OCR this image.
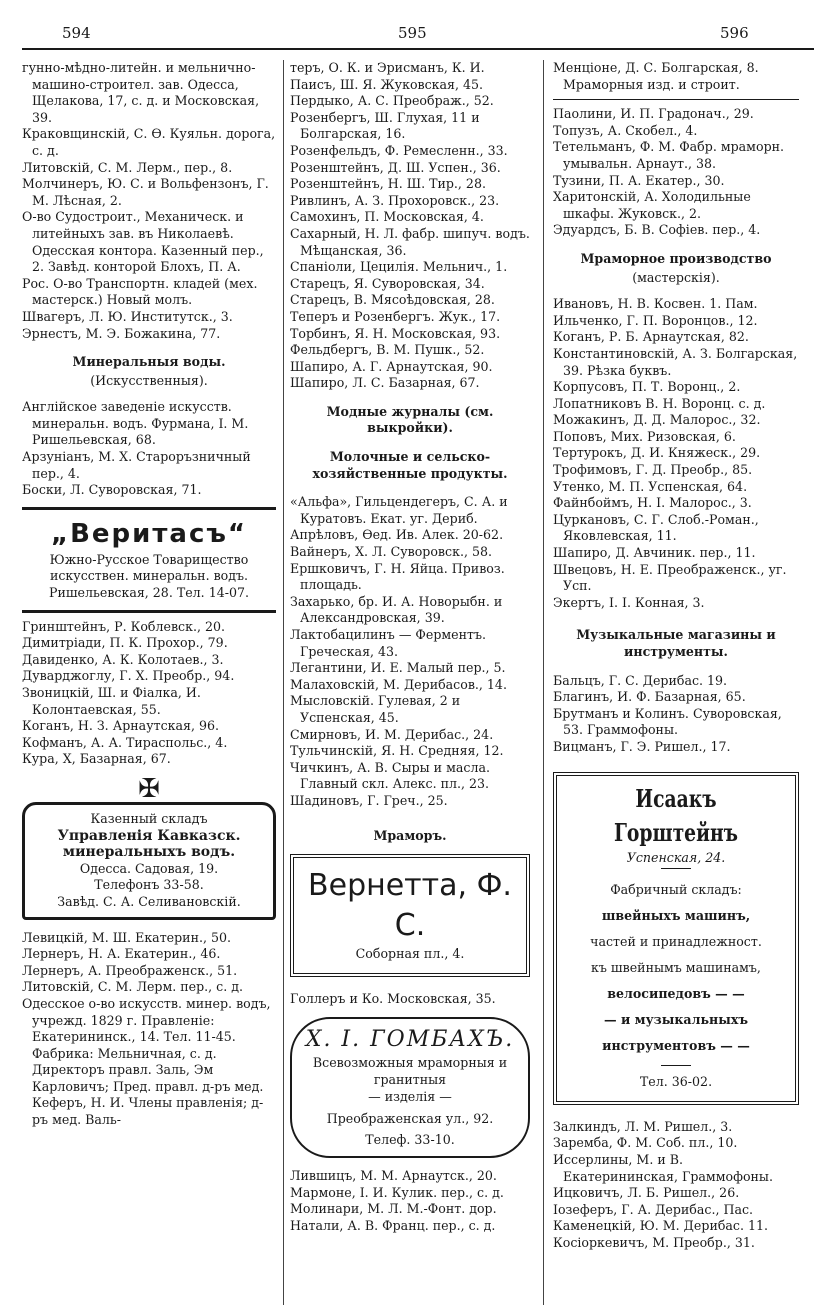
594	595	596

гунно-мѣдно-литейн. и мельнично-машино-строител. зав. Одесса, Щелакова, 17, с. д. и Московская, 39.

Краковщинскій, С. Ѳ. Куяльн. дорога, с. д.

Литовскій, С. М. Лерм., пер., 8.

Молчинеръ, Ю. С. и Вольфензонъ, Г. М. Лѣсная, 2.

О-во Судостроит., Механическ. и литейныхъ зав. въ Николаевѣ. Одесская контора. Казенный пер., 2. Завѣд. конторой Блохъ, П. А.

Рос. О-во Транспортн. кладей (мех. мастерск.) Новый молъ.

Швагеръ, Л. Ю. Институтск., 3.

Эрнестъ, М. Э. Божакина, 77.

Минеральныя воды.

(Искусственныя).

Англійское заведеніе искусств. минеральн. водъ. Фурмана, І. М. Ришельевская, 68.

Арзуніанъ, М. Х. Староръзничный пер., 4.

Боски, Л. Суворовская, 71.

„Веритасъ“
Южно-Русское Товарищество
искусствен. минеральн. водъ.
Ришельевская, 28. Тел. 14-07.

Гринштейнъ, Р. Коблевск., 20.

Димитріади, П. К. Прохор., 79.

Давиденко, А. К. Колотаев., 3.

Дуварджоглу, Г. Х. Преобр., 94.

Звоницкій, Ш. и Фіалка, И. Колонтаевская, 55.

Коганъ, Н. З. Арнаутская, 96.

Кофманъ, А. А. Тираспольс., 4.

Кура, Х, Базарная, 67.

✠
Казенный складъ
Управленія Кавказск.
минеральныхъ водъ.
Одесса. Садовая, 19.
Телефонъ 33-58.
Завѣд. С. А. Селивановскій.

Левицкій, М. Ш. Екатерин., 50.

Лернеръ, Н. А. Екатерин., 46.

Лернеръ, А. Преображенск., 51.

Литовскій, С. М. Лерм. пер., с. д.

Одесское о-во искусств. минер. водъ, учрежд. 1829 г. Правленіе: Екатерининск., 14. Тел. 11-45. Фабрика: Мельничная, с. д. Директоръ правл. Заль, Эм Карловичъ; Пред. правл. д-ръ мед. Кеферъ, Н. И. Члены правленія; д-ръ мед. Валь-

теръ, О. К. и Эрисманъ, К. И.

Паисъ, Ш. Я. Жуковская, 45.

Пердыко, А. С. Преображ., 52.

Розенбергъ, Ш. Глухая, 11 и Болгарская, 16.

Розенфельдъ, Ф. Ремесленн., 33.

Розенштейнъ, Д. Ш. Успен., 36.

Розенштейнъ, Н. Ш. Тир., 28.

Ривлинъ, А. З. Прохоровск., 23.

Самохинъ, П. Московская, 4.

Сахарный, Н. Л. фабр. шипуч. водъ. Мѣщанская, 36.

Спаніоли, Цецилія. Мельнич., 1.

Старецъ, Я. Суворовская, 34.

Старецъ, В. Мясоѣдовская, 28.

Теперъ и Розенбергъ. Жук., 17.

Торбинъ, Я. Н. Московская, 93.

Фельдбергъ, В. М. Пушк., 52.

Шапиро, А. Г. Арнаутская, 90.

Шапиро, Л. С. Базарная, 67.

Модные журналы (см. выкройки).

Молочные и сельско-хозяйственные продукты.

«Альфа», Гильцендегеръ, С. А. и Куратовъ. Екат. уг. Дериб.

Апрѣловъ, Ѳед. Ив. Алек. 20-62.

Вайнеръ, Х. Л. Суворовск., 58.

Ершковичъ, Г. Н. Яйца. Привоз. площадь.

Захарько, бр. И. А. Новорыбн. и Александровская, 39.

Лактобацилинъ — Ферментъ. Греческая, 43.

Легантини, И. Е. Малый пер., 5.

Малаховскій, М. Дерибасов., 14.

Мысловскій. Гулевая, 2 и Успенская, 45.

Смирновъ, И. М. Дерибас., 24.

Тульчинскій, Я. Н. Средняя, 12.

Чичкинъ, А. В. Сыры и масла. Главный скл. Алекс. пл., 23.

Шадиновъ, Г. Греч., 25.

Мраморъ.

Вернетта, Ф. С.
Соборная пл., 4.

Голлеръ и Ко. Московская, 35.

Х. І. ГОМБАХЪ.
Всевозможныя мраморныя и гранитныя
— изделія —
Преображенская ул., 92.
Телеф. 33-10.

Лившицъ, М. М. Арнаутск., 20.

Мармоне, І. И. Кулик. пер., с. д.

Молинари, М. Л. М.-Фонт. дор.

Натали, А. В. Франц. пер., с. д.

Менціоне, Д. С. Болгарская, 8. Мраморныя изд. и строит.

Паолини, И. П. Градонач., 29.

Топузъ, А. Скобел., 4.

Тетельманъ, Ф. М. Фабр. мраморн. умывальн. Арнаут., 38.

Тузини, П. А. Екатер., 30.

Харитонскій, А. Холодильные шкафы. Жуковск., 2.

Эдуардсъ, Б. В. Софіев. пер., 4.

Мраморное производство

(мастерскія).

Ивановъ, Н. В. Косвен. 1. Пам.

Ильченко, Г. П. Воронцов., 12.

Коганъ, Р. Б. Арнаутская, 82.

Константиновскій, А. З. Болгарская, 39. Рѣзка буквъ.

Корпусовъ, П. Т. Воронц., 2.

Лопатниковъ В. Н. Воронц. с. д.

Можакинъ, Д. Д. Малорос., 32.

Поповъ, Мих. Ризовская, 6.

Тертурокъ, Д. И. Княжеск., 29.

Трофимовъ, Г. Д. Преобр., 85.

Утенко, М. П. Успенская, 64.

Файнбоймъ, Н. І. Малорос., 3.

Цуркановъ, С. Г. Слоб.-Роман., Яковлевская, 11.

Шапиро, Д. Авчиник. пер., 11.

Швецовъ, Н. Е. Преображенск., уг. Усп.

Экертъ, І. І. Конная, 3.

Музыкальные магазины и инструменты.

Бальцъ, Г. С. Дерибас. 19.

Благинъ, И. Ф. Базарная, 65.

Брутманъ и Колинъ. Суворовская, 53. Граммофоны.

Вицманъ, Г. Э. Ришел., 17.

Исаакъ Горштейнъ
Успенская, 24.
Фабричный складъ:
швейныхъ машинъ,
частей и принадлежност.
къ швейнымъ машинамъ,
велосипедовъ — —
— и музыкальныхъ
инструментовъ — —
Тел. 36-02.

Залкиндъ, Л. М. Ришел., 3.

Заремба, Ф. М. Соб. пл., 10.

Иссерлины, М. и В. Екатерининская, Граммофоны.

Ицковичъ, Л. Б. Ришел., 26.

Іозеферъ, Г. А. Дерибас., Пас.

Каменецкій, Ю. М. Дерибас. 11.

Косіоркевичъ, М. Преобр., 31.
